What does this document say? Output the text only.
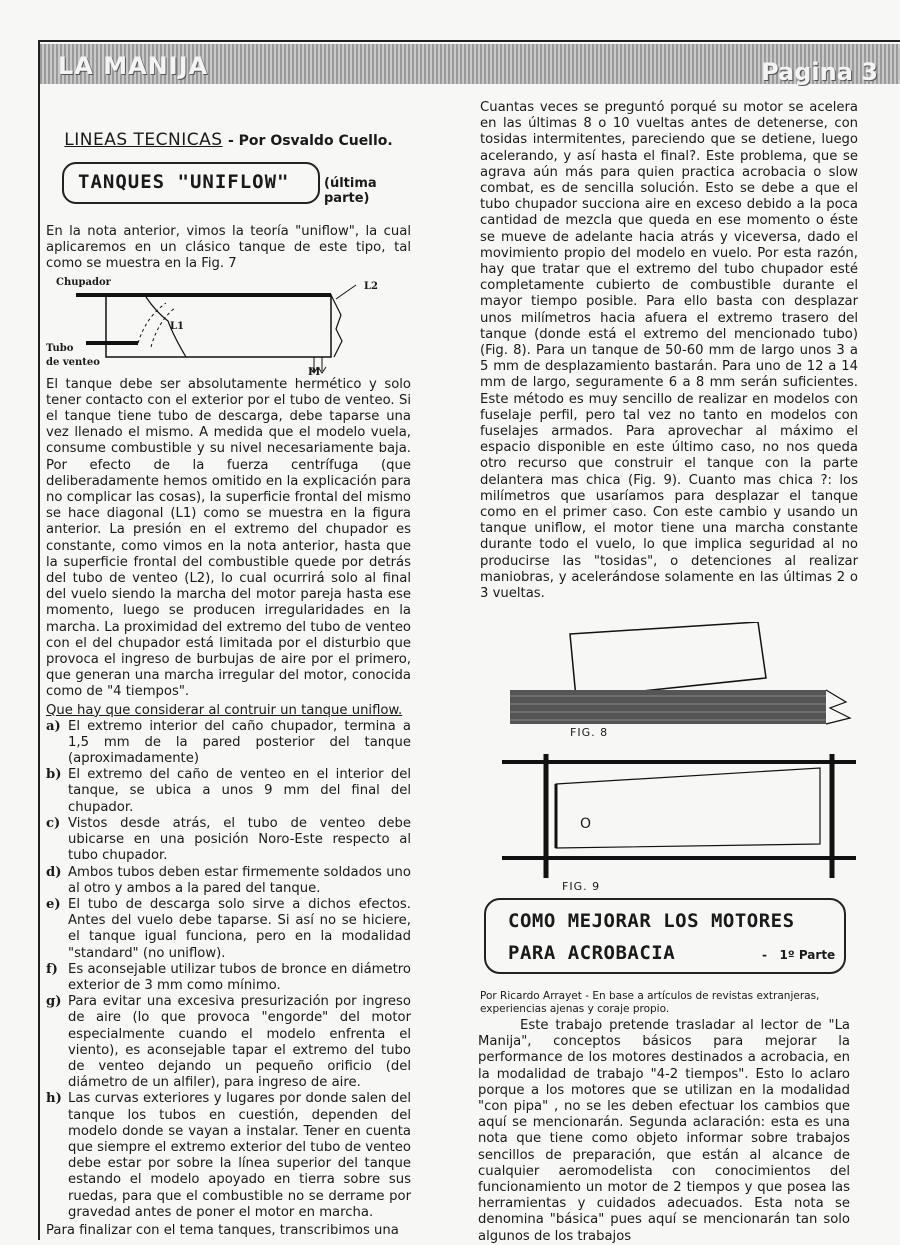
LA MANIJA	Pagina 3
LINEAS TECNICAS - Por Osvaldo Cuello.
TANQUES "UNIFLOW"	(última parte)

En la nota anterior, vimos la teoría "uniflow", la cual aplicaremos en un clásico tanque de este tipo, tal como se muestra en la Fig. 7

Chupador	L2
L1
Tubo
de venteo
PI

El tanque debe ser absolutamente hermético y solo tener contacto con el exterior por el tubo de venteo. Si el tanque tiene tubo de descarga, debe taparse una vez llenado el mismo. A medida que el modelo vuela, consume combustible y su nivel necesariamente baja. Por efecto de la fuerza centrífuga (que deliberadamente hemos omitido en la explicación para no complicar las cosas), la superficie frontal del mismo se hace diagonal (L1) como se muestra en la figura anterior. La presión en el extremo del chupador es constante, como vimos en la nota anterior, hasta que la superficie frontal del combustible quede por detrás del tubo de venteo (L2), lo cual ocurrirá solo al final del vuelo siendo la marcha del motor pareja hasta ese momento, luego se producen irregularidades en la marcha. La proximidad del extremo del tubo de venteo con el del chupador está limitada por el disturbio que provoca el ingreso de burbujas de aire por el primero, que generan una marcha irregular del motor, conocida como de "4 tiempos".

Que hay que considerar al contruir un tanque uniflow.
a) El extremo interior del caño chupador, termina a 1,5 mm de la pared posterior del tanque (aproximadamente)
b) El extremo del caño de venteo en el interior del tanque, se ubica a unos 9 mm del final del chupador.
c) Vistos desde atrás, el tubo de venteo debe ubicarse en una posición Noro-Este respecto al tubo chupador.
d) Ambos tubos deben estar firmemente soldados uno al otro y ambos a la pared del tanque.
e) El tubo de descarga solo sirve a dichos efectos. Antes del vuelo debe taparse. Si así no se hiciere, el tanque igual funciona, pero en la modalidad "standard" (no uniflow).
f) Es aconsejable utilizar tubos de bronce en diámetro exterior de 3 mm como mínimo.
g) Para evitar una excesiva presurización por ingreso de aire (lo que provoca "engorde" del motor especialmente cuando el modelo enfrenta el viento), es aconsejable tapar el extremo del tubo de venteo dejando un pequeño orificio (del diámetro de un alfiler), para ingreso de aire.
h) Las curvas exteriores y lugares por donde salen del tanque los tubos en cuestión, dependen del modelo donde se vayan a instalar. Tener en cuenta que siempre el extremo exterior del tubo de venteo debe estar por sobre la línea superior del tanque estando el modelo apoyado en tierra sobre sus ruedas, para que el combustible no se derrame por gravedad antes de poner el motor en marcha.

Para finalizar con el tema tanques, transcribimos una

Cuantas veces se preguntó porqué su motor se acelera en las últimas 8 o 10 vueltas antes de detenerse, con tosidas intermitentes, pareciendo que se detiene, luego acelerando, y así hasta el final?. Este problema, que se agrava aún más para quien practica acrobacia o slow combat, es de sencilla solución. Esto se debe a que el tubo chupador succiona aire en exceso debido a la poca cantidad de mezcla que queda en ese momento o éste se mueve de adelante hacia atrás y viceversa, dado el movimiento propio del modelo en vuelo. Por esta razón, hay que tratar que el extremo del tubo chupador esté completamente cubierto de combustible durante el mayor tiempo posible. Para ello basta con desplazar unos milímetros hacia afuera el extremo trasero del tanque (donde está el extremo del mencionado tubo) (Fig. 8). Para un tanque de 50-60 mm de largo unos 3 a 5 mm de desplazamiento bastarán. Para uno de 12 a 14 mm de largo, seguramente 6 a 8 mm serán suficientes. Este método es muy sencillo de realizar en modelos con fuselaje perfil, pero tal vez no tanto en modelos con fuselajes armados. Para aprovechar al máximo el espacio disponible en este último caso, no nos queda otro recurso que construir el tanque con la parte delantera mas chica (Fig. 9). Cuanto mas chica ?: los milímetros que usaríamos para desplazar el tanque como en el primer caso. Con este cambio y usando un tanque uniflow, el motor tiene una marcha constante durante todo el vuelo, lo que implica seguridad al no producirse las "tosidas", o detenciones al realizar maniobras, y acelerándose solamente en las últimas 2 o 3 vueltas.

FIG. 8
O
FIG. 9
COMO MEJORAR LOS MOTORES
PARA ACROBACIA	- 1º Parte
Por Ricardo Arrayet - En base a artículos de revistas extranjeras, experiencias ajenas y coraje propio.

Este trabajo pretende trasladar al lector de "La Manija", conceptos básicos para mejorar la performance de los motores destinados a acrobacia, en la modalidad de trabajo "4-2 tiempos". Esto lo aclaro porque a los motores que se utilizan en la modalidad "con pipa" , no se les deben efectuar los cambios que aquí se mencionarán. Segunda aclaración: esta es una nota que tiene como objeto informar sobre trabajos sencillos de preparación, que están al alcance de cualquier aeromodelista con conocimientos del funcionamiento un motor de 2 tiempos y que posea las herramientas y cuidados adecuados. Esta nota se denomina "básica" pues aquí se mencionarán tan solo algunos de los trabajos
